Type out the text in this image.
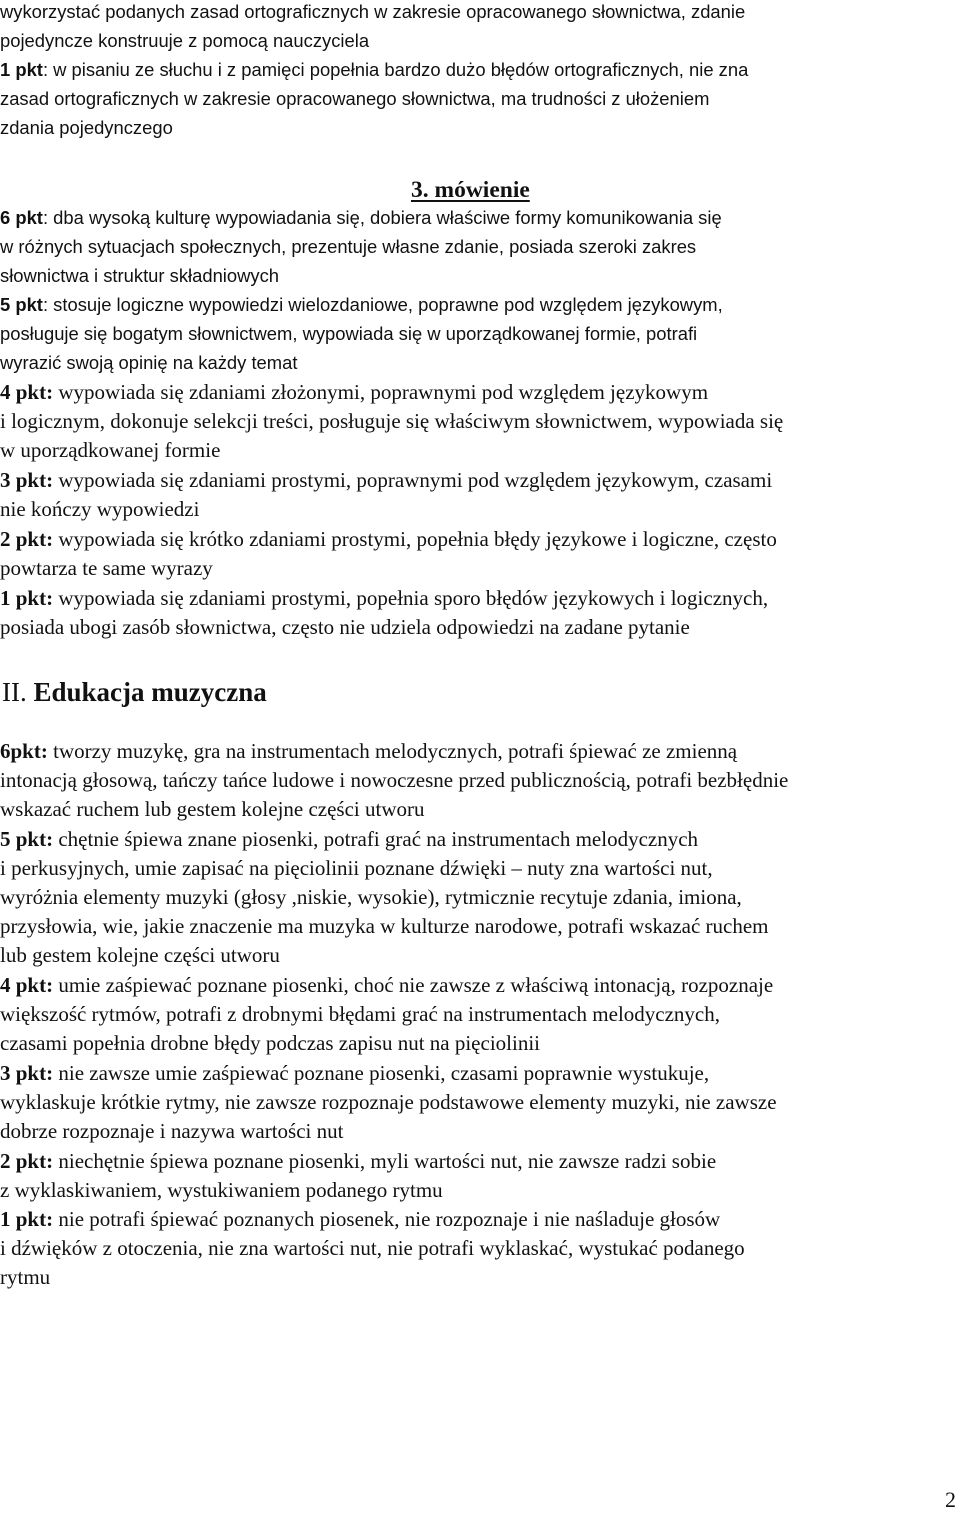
wykorzystać podanych zasad ortograficznych w zakresie opracowanego słownictwa, zdanie
pojedyncze konstruuje z pomocą nauczyciela
1 pkt: w pisaniu ze słuchu i z pamięci popełnia bardzo dużo błędów ortograficznych, nie zna
zasad ortograficznych w zakresie opracowanego słownictwa, ma trudności z ułożeniem
zdania pojedynczego
3. mówienie
6 pkt: dba wysoką kulturę wypowiadania się, dobiera właściwe formy komunikowania się
w różnych sytuacjach społecznych, prezentuje własne zdanie, posiada szeroki zakres
słownictwa i struktur składniowych
5 pkt: stosuje logiczne wypowiedzi wielozdaniowe, poprawne pod względem językowym,
posługuje się bogatym słownictwem, wypowiada się w uporządkowanej formie, potrafi
wyrazić swoją opinię na każdy temat
4 pkt: wypowiada się zdaniami złożonymi, poprawnymi pod względem językowym
i logicznym, dokonuje selekcji treści, posługuje się właściwym słownictwem, wypowiada się
w uporządkowanej formie
3 pkt: wypowiada się zdaniami prostymi, poprawnymi pod względem językowym, czasami
nie kończy wypowiedzi
2 pkt: wypowiada się krótko zdaniami prostymi, popełnia błędy językowe i logiczne, często
powtarza te same wyrazy
1 pkt: wypowiada się zdaniami prostymi, popełnia sporo błędów językowych i logicznych,
posiada ubogi zasób słownictwa, często nie udziela odpowiedzi na zadane pytanie
II. Edukacja muzyczna
6pkt: tworzy muzykę, gra na instrumentach melodycznych, potrafi śpiewać ze zmienną
intonacją głosową, tańczy tańce ludowe i nowoczesne przed publicznością, potrafi bezbłędnie
wskazać ruchem lub gestem kolejne części utworu
5 pkt: chętnie śpiewa znane piosenki, potrafi grać na instrumentach melodycznych
i perkusyjnych, umie zapisać na pięciolinii poznane dźwięki – nuty zna wartości nut,
wyróżnia elementy muzyki (głosy ,niskie, wysokie), rytmicznie recytuje zdania, imiona,
przysłowia, wie, jakie znaczenie ma muzyka w kulturze narodowe, potrafi wskazać ruchem
lub gestem kolejne części utworu
4 pkt: umie zaśpiewać poznane piosenki, choć nie zawsze z właściwą intonacją, rozpoznaje
większość rytmów, potrafi z drobnymi błędami grać na instrumentach melodycznych,
czasami popełnia drobne błędy podczas zapisu nut na pięciolinii
3 pkt: nie zawsze umie zaśpiewać poznane piosenki, czasami poprawnie wystukuje,
wyklaskuje krótkie rytmy, nie zawsze rozpoznaje podstawowe elementy muzyki, nie zawsze
dobrze rozpoznaje i nazywa wartości nut
2 pkt: niechętnie śpiewa poznane piosenki, myli wartości nut, nie zawsze radzi sobie
z wyklaskiwaniem, wystukiwaniem podanego rytmu
1 pkt: nie potrafi śpiewać poznanych piosenek, nie rozpoznaje i nie naśladuje głosów
i dźwięków z otoczenia, nie zna wartości nut, nie potrafi wyklaskać, wystukać podanego
rytmu
2
